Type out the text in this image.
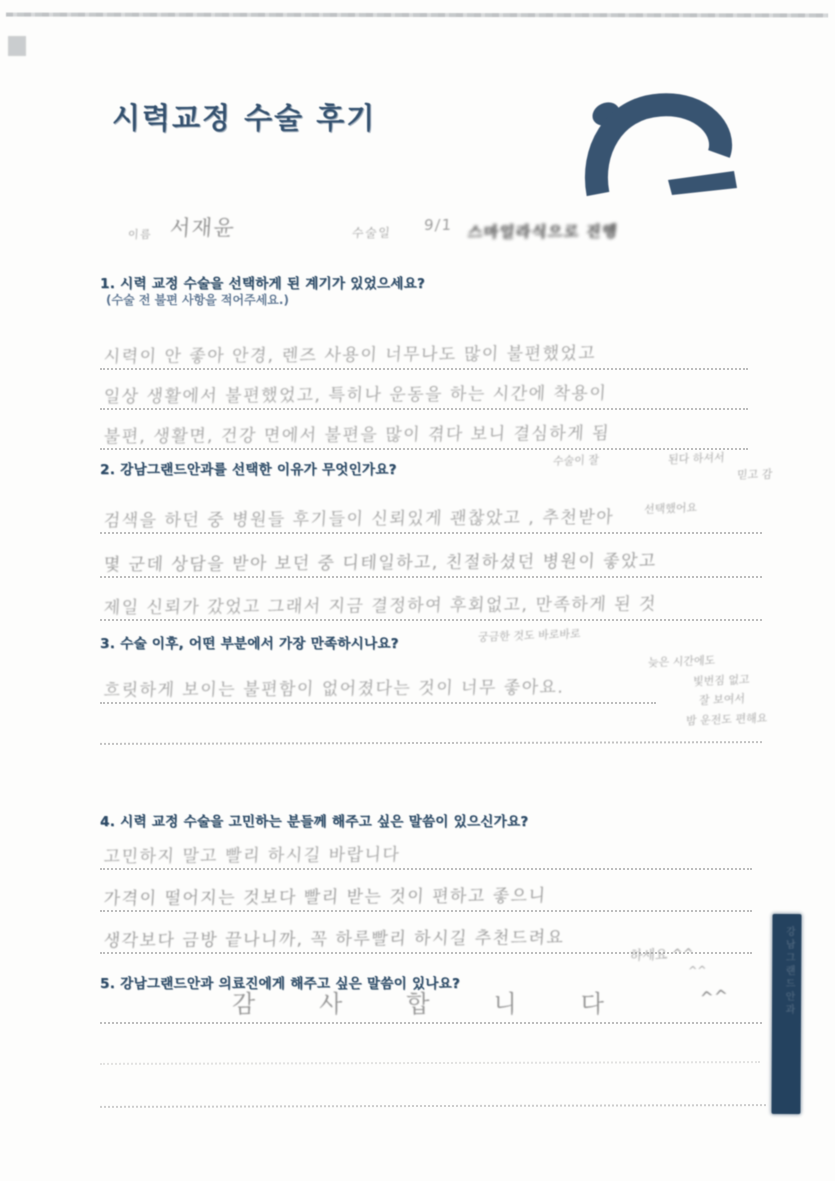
시력교정 수술 후기
이름 서재윤	수술일 9/1 스마일라식으로 진행
1. 시력 교정 수술을 선택하게 된 계기가 있었으세요?
(수술 전 불편 사항을 적어주세요.)
시력이 안 좋아 안경, 렌즈 사용이 너무나도 많이 불편했었고
일상 생활에서 불편했었고, 특히나 운동을 하는 시간에 착용이
불편, 생활면, 건강 면에서 불편을 많이 겪다 보니 결심하게 됨
수술이 잘	된다 하셔서
믿고 감
선택했어요
2. 강남그랜드안과를 선택한 이유가 무엇인가요?
검색을 하던 중 병원들 후기들이 신뢰있게 괜찮았고 , 추천받아
몇 군데 상담을 받아 보던 중 디테일하고, 친절하셨던 병원이 좋았고
제일 신뢰가 갔었고 그래서 지금 결정하여 후회없고, 만족하게 된 것
3. 수술 이후, 어떤 부분에서 가장 만족하시나요?
궁금한 것도 바로바로
흐릿하게 보이는 불편함이 없어졌다는 것이 너무 좋아요.
늦은 시간에도
빛번짐 없고
잘 보여서
밤 운전도 편해요
4. 시력 교정 수술을 고민하는 분들께 해주고 싶은 말씀이 있으신가요?
고민하지 말고 빨리 하시길 바랍니다
가격이 떨어지는 것보다 빨리 받는 것이 편하고 좋으니
생각보다 금방 끝나니까, 꼭 하루빨리 하시길 추천드려요
하세요 ^^
^^
5. 강남그랜드안과 의료진에게 해주고 싶은 말씀이 있나요?
감사합니다 ^^	강남그랜드안과
